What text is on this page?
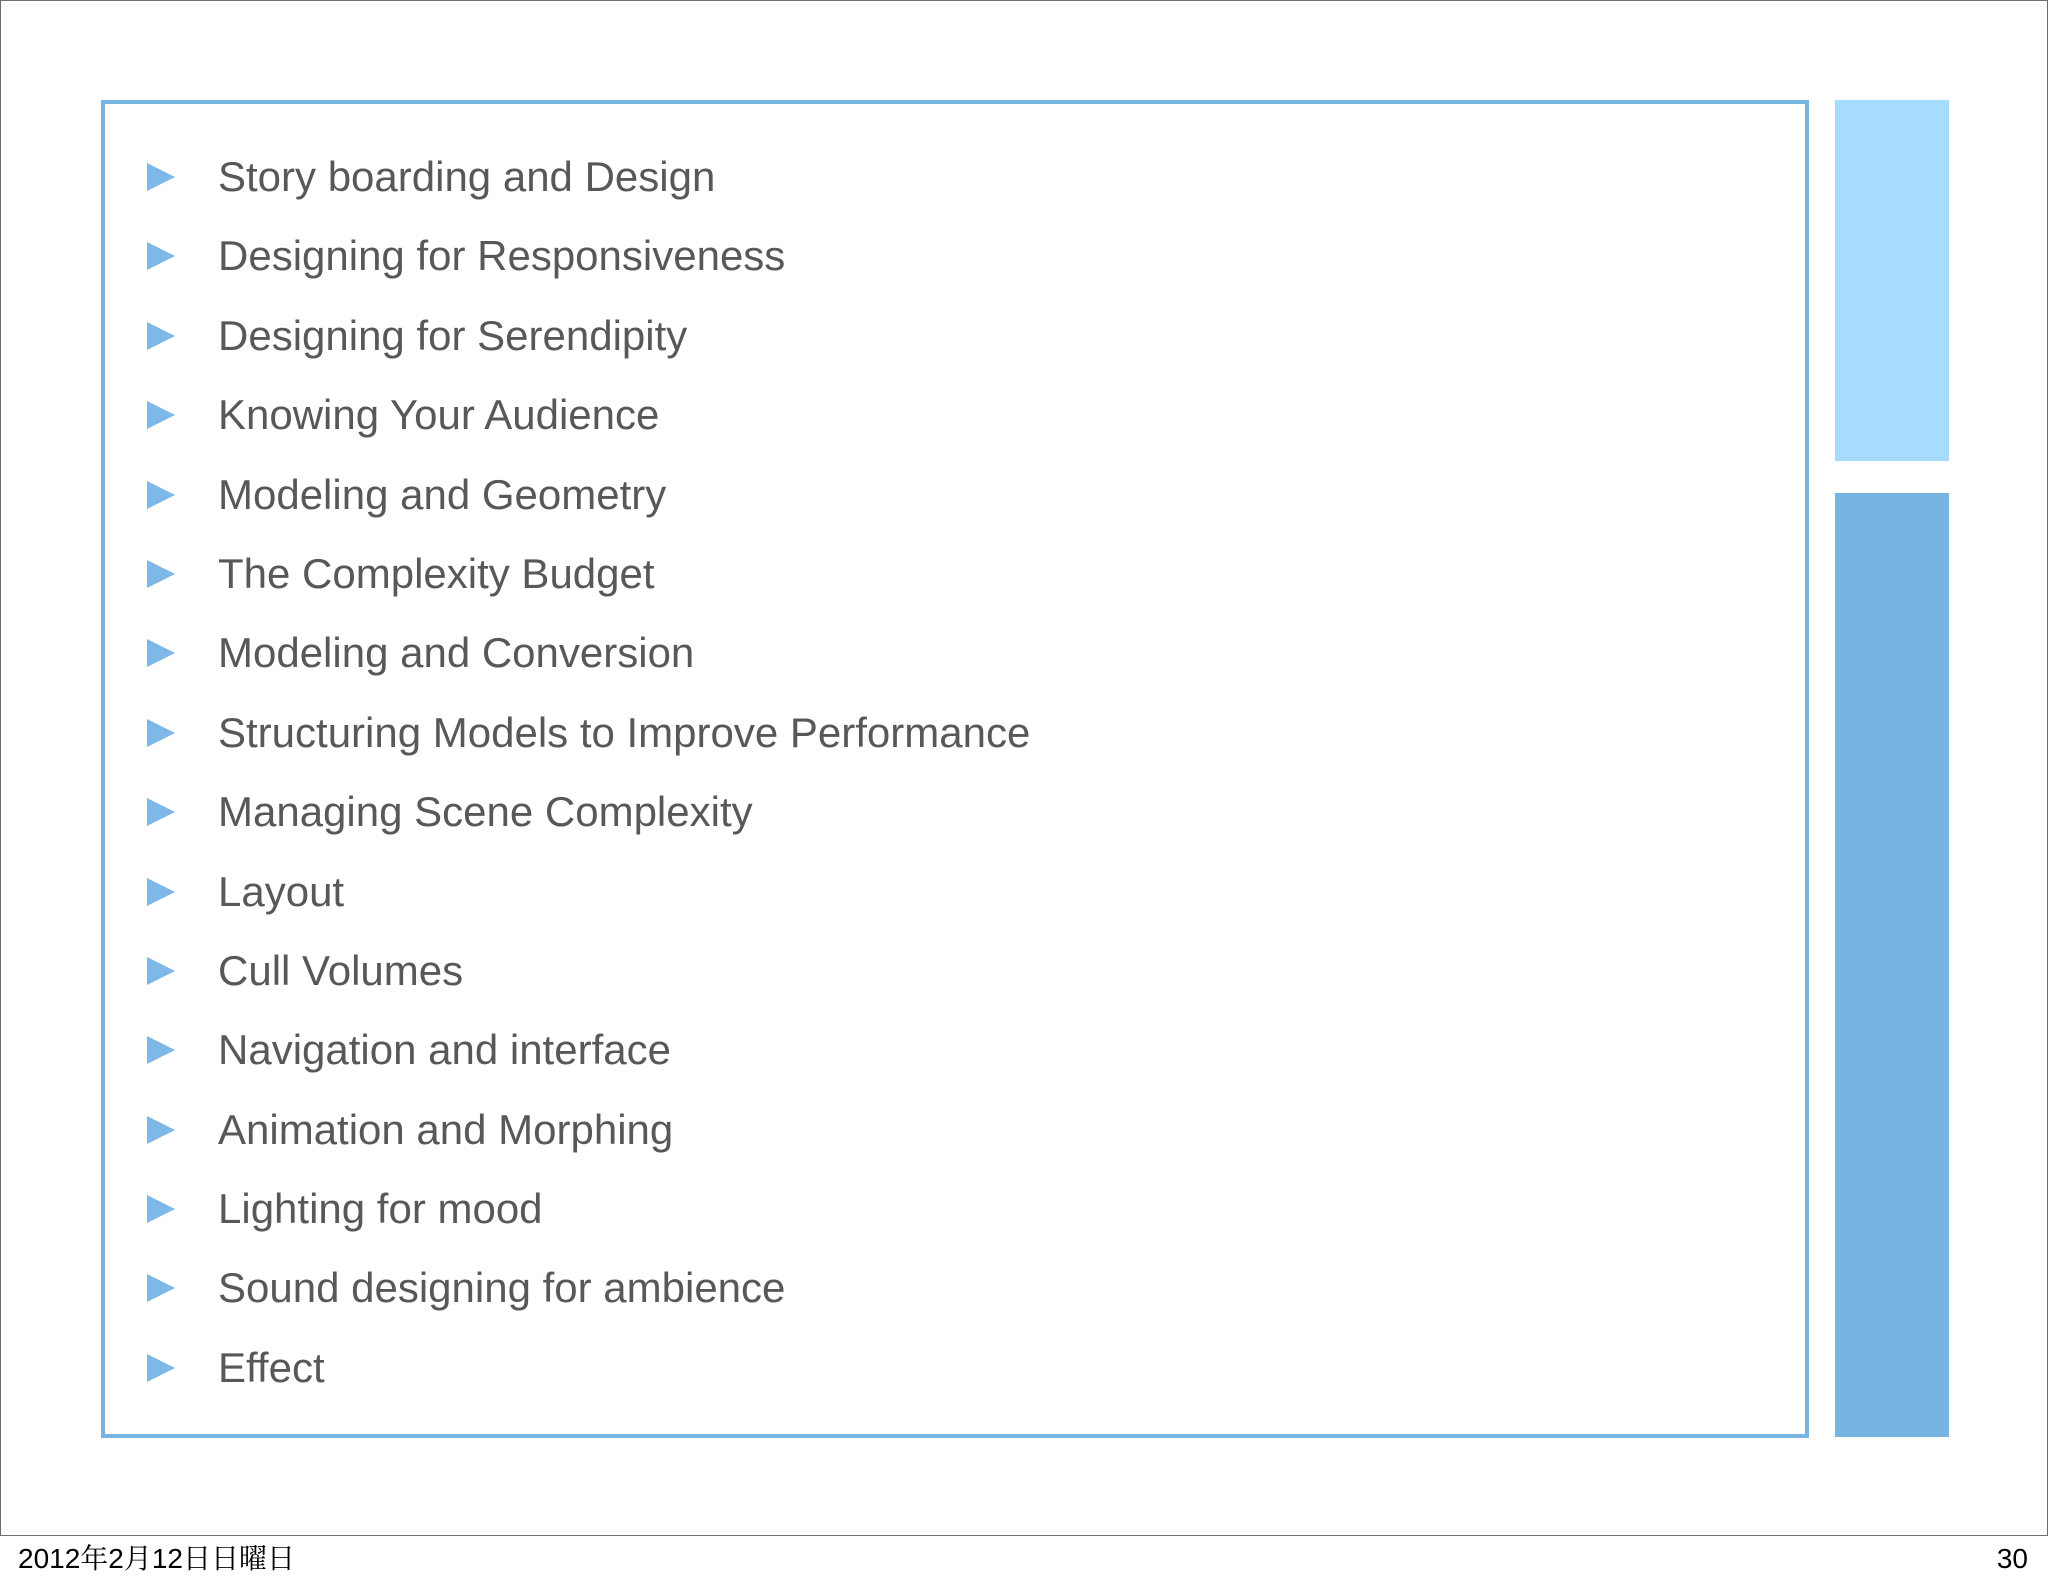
Story boarding and Design
Designing for Responsiveness
Designing for Serendipity
Knowing Your Audience
Modeling and Geometry
The Complexity Budget
Modeling and Conversion
Structuring Models to Improve Performance
Managing Scene Complexity
Layout
Cull Volumes
Navigation and interface
Animation and Morphing
Lighting for mood
Sound designing for ambience
Effect
2012年2月12日日曜日	30
